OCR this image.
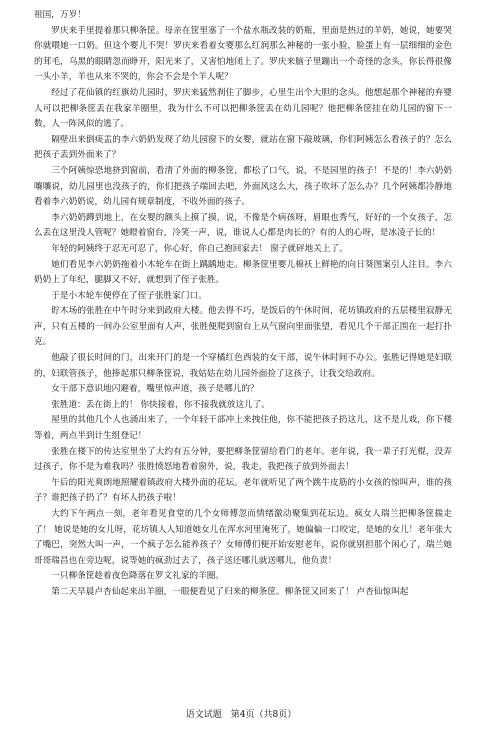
祖国，万岁！

罗庆来手里提着那只柳条筐。母亲在筐里塞了一个盐水瓶改装的奶瓶，里面是热过的羊奶，她说，她要哭你就喂她一口奶。但这个婴儿不哭！罗庆来看着女婴那么红润那么神秘的一张小脸，脸蛋上有一层细细的金色的茸毛，乌黑的眼睛忽而睁开，阳光来了，又害怕地闭上了。罗庆来脑子里蹦出一个奇怪的念头，你长得很像一头小羊，羊也从来不哭的，你会不会是个羊人呢？

经过了花仙镇的红旗幼儿园时，罗庆来猛然刹住了脚步，心里生出个大胆的念头。他想起那个神秘的弃婴人可以把柳条筐丢在我家羊圈里，我为什么不可以把柳条筐丢在幼儿园呢？他把柳条筐挂在幼儿园的窗下一数，人一阵风似的逃了。

隔壁出来倒痰盂的李六奶奶发现了幼儿园窗下的女婴，就站在窗下敲玻璃，你们阿姨怎么看孩子的？怎么把孩子丢到外面来了？

三个阿姨惊恐地挤到窗前，看清了外面的柳条筐，都松了口气，说，不是园里的孩子！不是的！李六奶奶嚷嚷说，幼儿园里也没孩子的，你们把孩子端回去吧，外面风这么大，孩子吹坏了怎么办？几个阿姨都冷静地看着李六奶奶说，幼儿园有规章制度，不收外面的孩子。

李六奶奶蹲到地上，在女婴的额头上摸了摸，说，不像是个病孩呀，眉眼也秀气，好好的一个女孩子，怎么丢在这里没人管呢？她瞪着窗台，冷笑一声，说，谁说人心都是肉长的？有的人的心呀，是冰凌子长的！

年轻的阿姨终于忍无可忍了，你心好，你自己抱回家去！ 窗子就砰地关上了。

她们看见李六奶奶拖着小木轮车在街上踽踽地走。柳条筐里婴儿棉袄上鲜艳的向日葵图案引人注目。李六奶奶上了年纪，腿脚又不好，就想到了侄子张胜。

于是小木轮车便停在了侄子张胜家门口。

貯木场的张胜在中午时分来到政府大楼。他去得不巧，是饭后的午休时间，花坊镇政府的五层楼里寂静无声，只有五楼的一间办公室里面有人声，张胜便爬到窗台上从气窗向里面张望，看见几个干部正围在一起打扑克。

他敲了很长时间的门，出来开门的是一个穿橘红色西装的女干部，说午休时间不办公。张胜记得她是妇联的，妇联管孩子，他捧起那只柳条筐说，我姑姑在幼儿园外面捡了这孩子，让我交给政府。

女干部下意识地闪避着，嘴里惊声道，孩子是哪儿的？

张胜道：丢在街上的！ 你快接着，你不接我就放这儿了。

屋里的其他几个人也涌出来了，一个年轻干部冲上来拽住他，你不能把孩子扔这儿，这不是儿戏，你下楼等着，两点半到计生组登记！

张胜在楼下的传达室里坐了大约有五分钟，要把柳条筐留给看门的老年。老年说，我一辈子打光棍，没弄过孩子，你不是为难我吗？张胜愤怒地看着窗外，说，我走，我把孩子放到外面去！

午后的阳光爽朗地照耀着镇政府大楼外面的花坛。老年就听见了两个跳牛皮筋的小女孩的惊叫声，谁的孩子？谁把孩子扔了？有坏人扔孩子啦！

大约下午两点一刻，老年看见食堂的几个女师傅忽而情绪激动聚集到花坛边。疯女人瑞兰把柳条筐揣走了！ 她说是她的女儿呀，花坊镇人人知道她女儿在浑水河里淹死了，她偏偏一口咬定，是她的女儿！老年张大了嘴巴，突然大叫一声，一个疯子怎么能养孩子？女师傅们便开始安慰老年，说你就别担那个闲心了，瑞兰她哥哥瑞昌也在旁边呢，说等她的疯劲过去了，孩子送还哪儿就送哪儿，他负责！

一只柳条筐趁着夜色降落在罗文礼家的羊圈。

第二天早晨卢杏仙起来出羊圈，一眼便看见了归来的柳条筐。柳条筐又回来了！ 卢杏仙惊叫起

语文试题　第4页（共8页）
